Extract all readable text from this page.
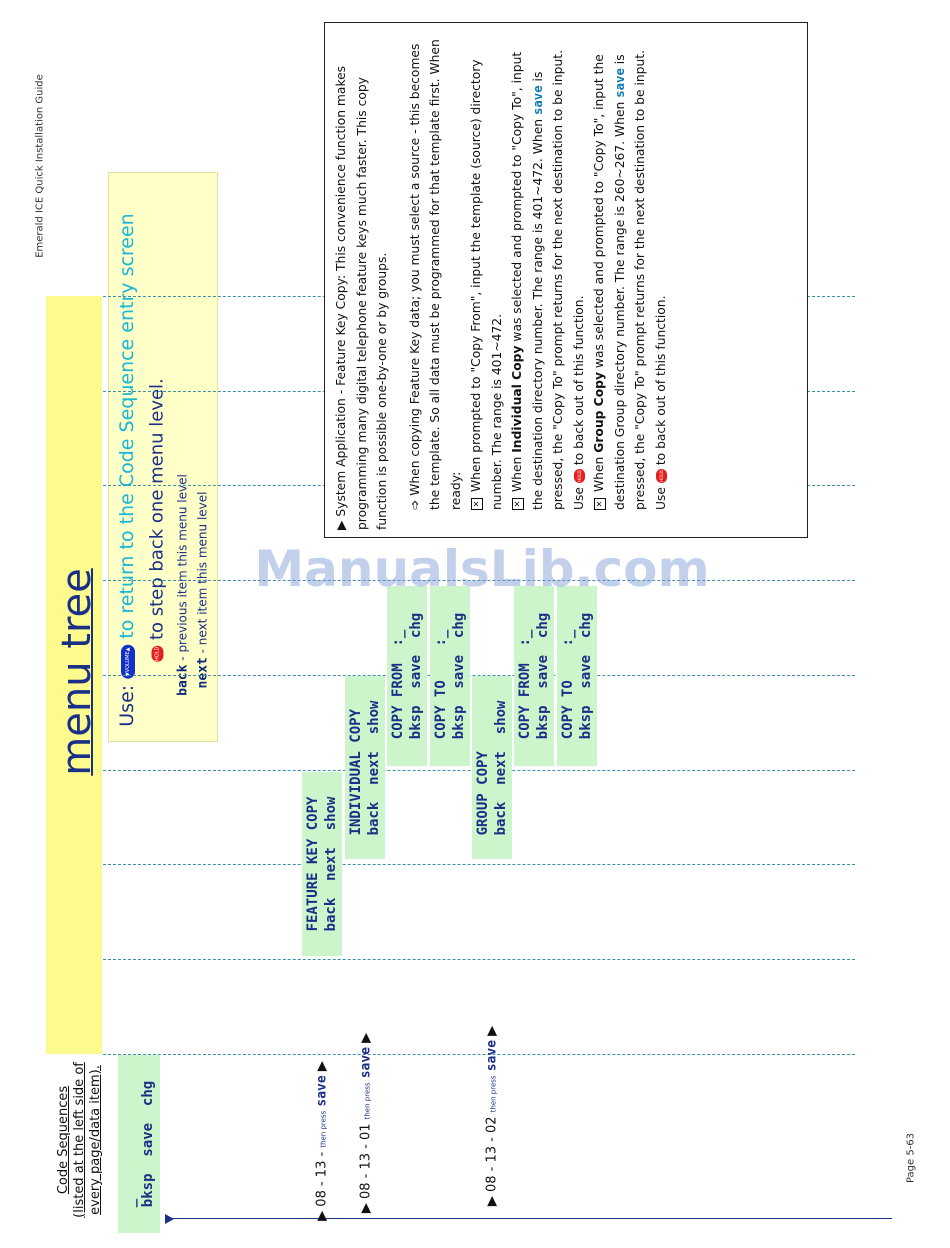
Emerald ICE Quick Installation Guide
Page 5-63
menu tree Use: ▼VOLUME▲ to return to the Code Sequence entry screen
HOLD to step back one menu level.
back - previous item this menu level
next - next item this menu level
Code Sequences (listed at the left side of every page/data item). _ bksp  save  chg
▶ 08 - 13 - then press save ▶
▶ 08 - 13 - 01 then press save ▶
▶ 08 - 13 - 02 then press save ▶
FEATURE KEY COPY back  next  show
INDIVIDUAL COPY back  next  show
COPY FROM  :_ bksp  save  chg COPY TO    :_ bksp  save  chg
GROUP COPY back  next  show
COPY FROM  :_ bksp  save  chg COPY TO    :_ bksp  save  chg

▶ System Application - Feature Key Copy: This convenience function makes programming many digital telephone feature keys much faster. This copy function is possible one-by-one or by groups. ➩ When copying Feature Key data; you must select a source - this becomes the template. So all data must be programmed for that template first. When ready:	✕When prompted to "Copy From", input the template (source) directory number. The range is 401~472.	✕When Individual Copy was selected and prompted to "Copy To", input the destination directory number. The range is 401~472. When save is pressed, the "Copy To" prompt returns for the next destination to be input. Use HOLD to back out of this function.

✕When Group Copy was selected and prompted to "Copy To", input the destination Group directory number. The range is 260~267. When save is pressed, the "Copy To" prompt returns for the next destination to be input. Use HOLD to back out of this function.

ManualsLib.com
